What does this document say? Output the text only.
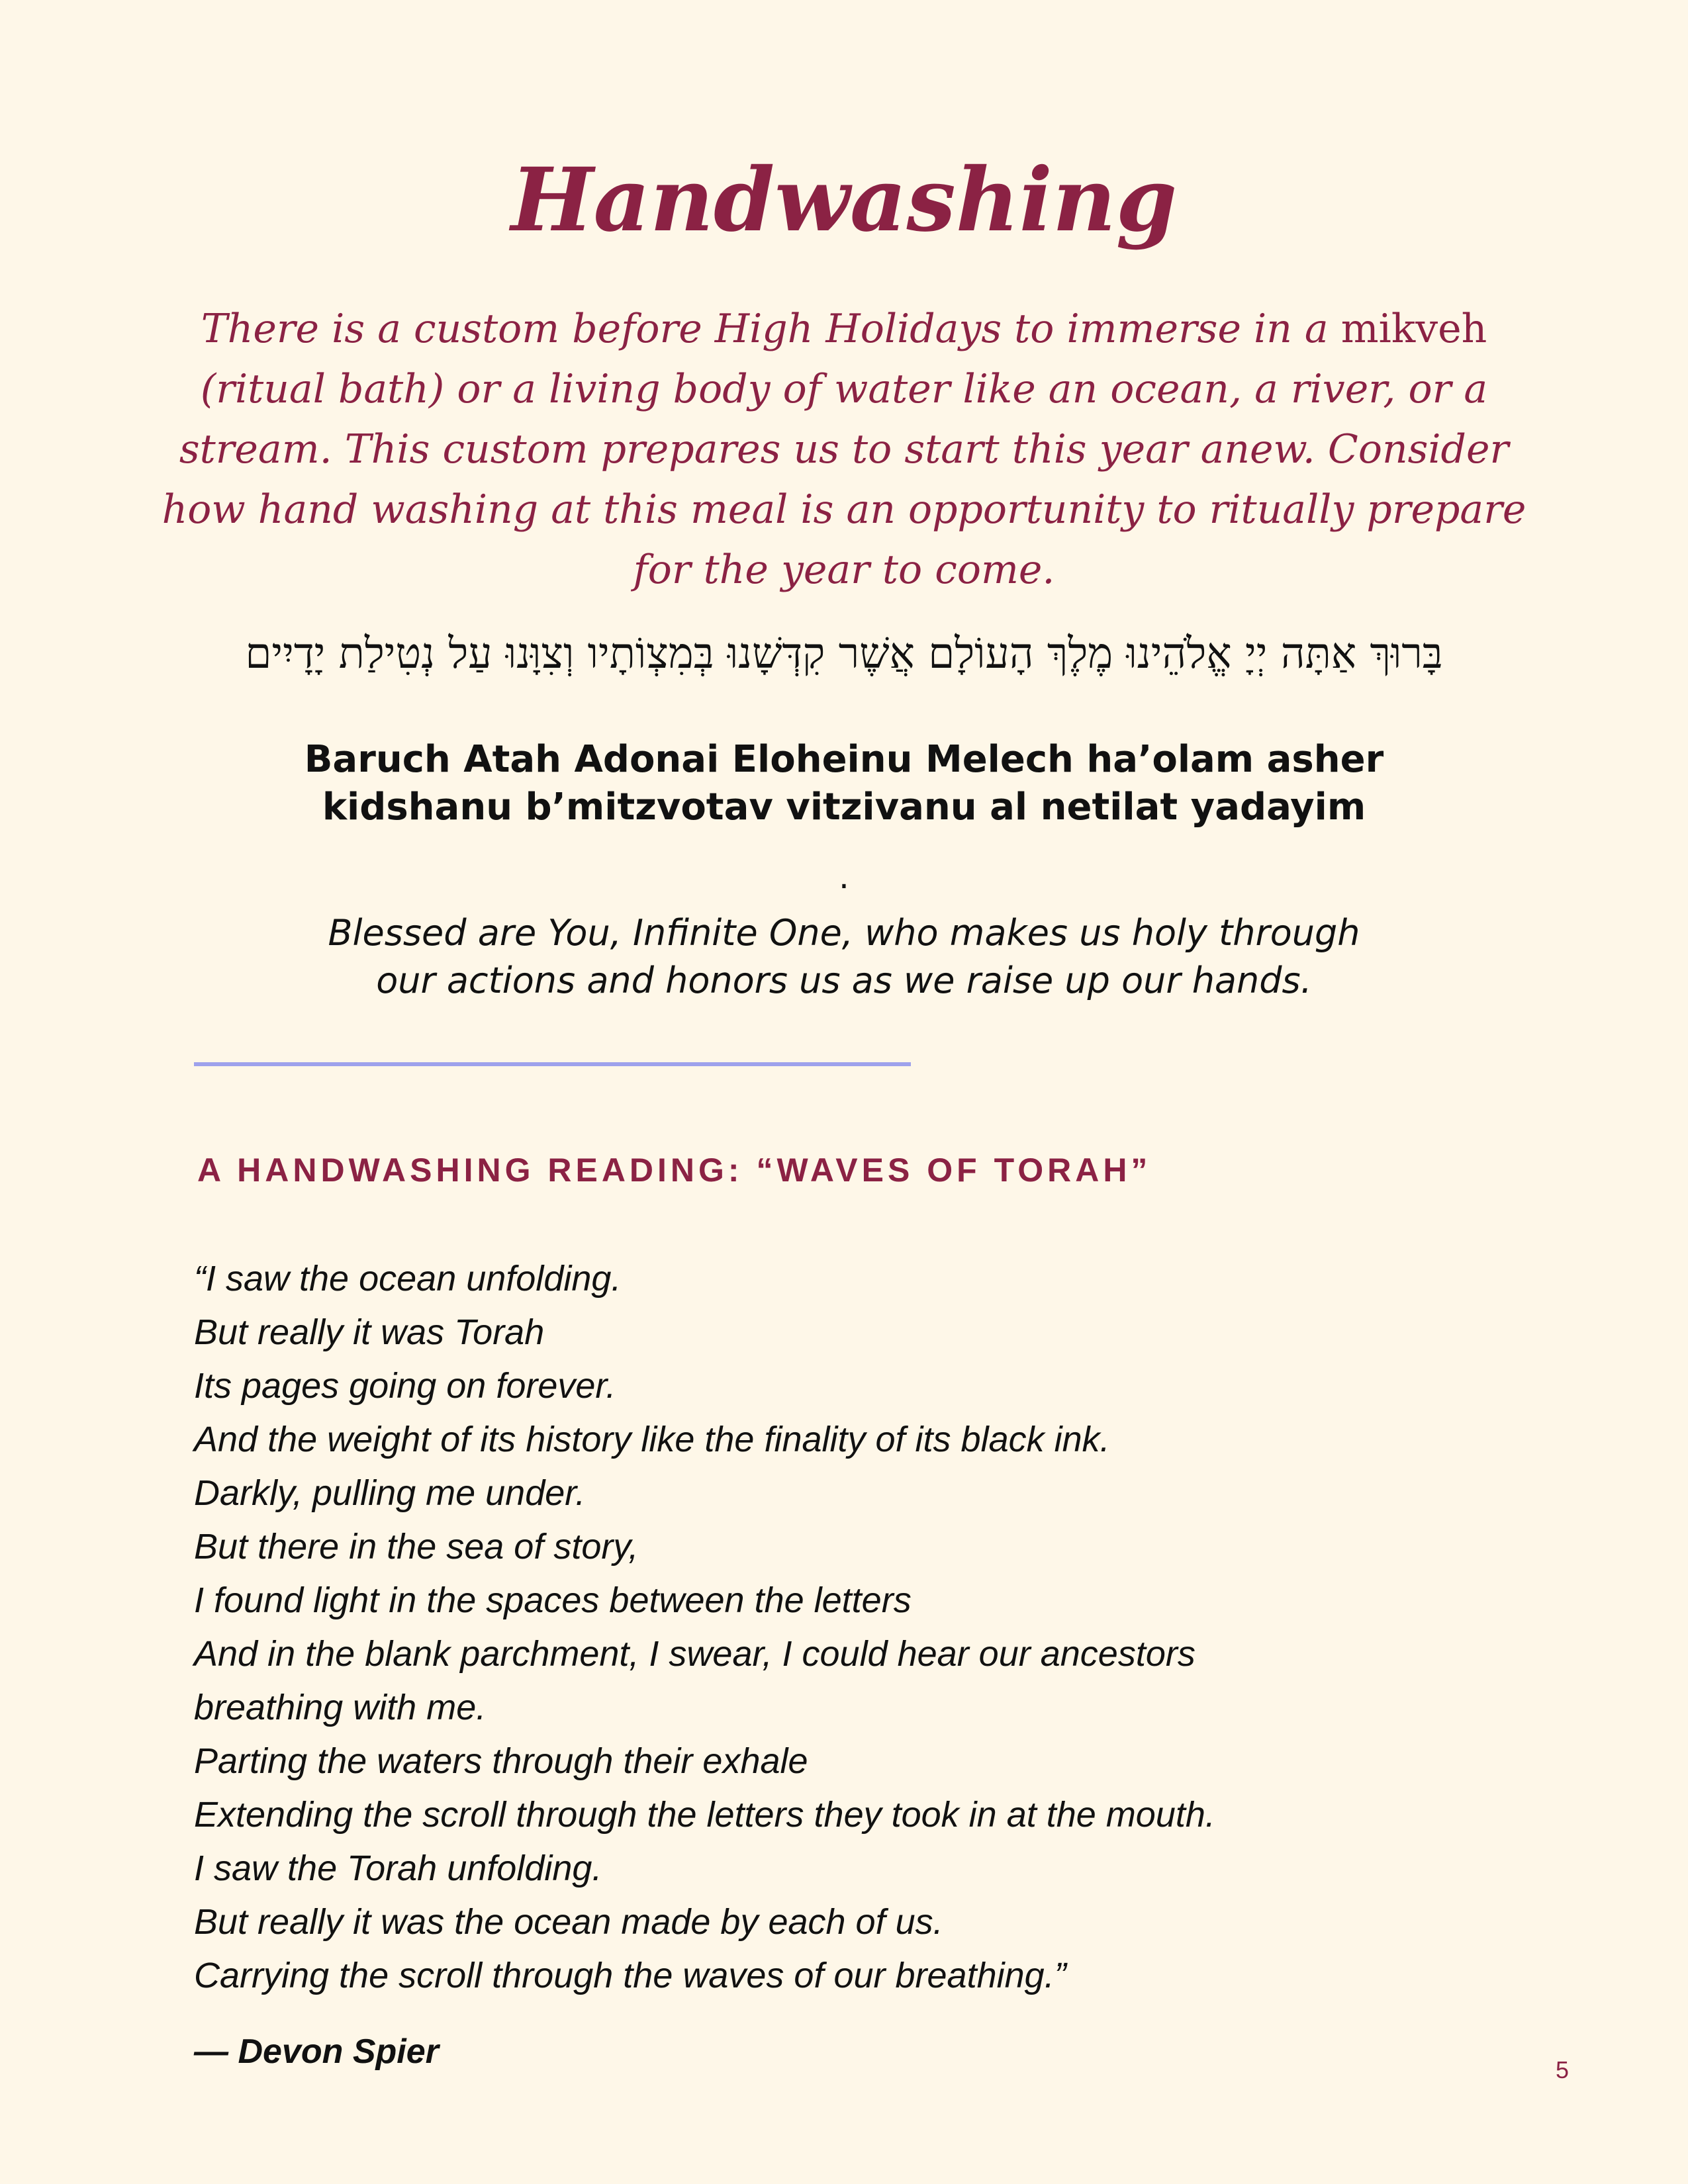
Handwashing

There is a custom before High Holidays to immerse in a mikveh (ritual bath) or a living body of water like an ocean, a river, or a stream. This custom prepares us to start this year anew. Consider how hand washing at this meal is an opportunity to ritually prepare for the year to come.

בָּרוּךְ אַתָּה יְיָ אֱלֹהֵינוּ מֶלֶךְ הָעוֹלָם אֲשֶׁר קִדְּשָׁנוּ בְּמִצְוֹתָיו וְצִוָּנוּ עַל נְטִילַת יָדָיִים

Baruch Atah Adonai Eloheinu Melech ha’olam asher
kidshanu b’mitzvotav vitzivanu al netilat yadayim

.

Blessed are You, Infinite One, who makes us holy through
our actions and honors us as we raise up our hands.

A HANDWASHING READING: “WAVES OF TORAH”
“I saw the ocean unfolding.
But really it was Torah
Its pages going on forever.
And the weight of its history like the finality of its black ink.
Darkly, pulling me under.
But there in the sea of story,
I found light in the spaces between the letters
And in the blank parchment, I swear, I could hear our ancestors
breathing with me.
Parting the waters through their exhale
Extending the scroll through the letters they took in at the mouth.
I saw the Torah unfolding.
But really it was the ocean made by each of us.
Carrying the scroll through the waves of our breathing.”
— Devon Spier	5
